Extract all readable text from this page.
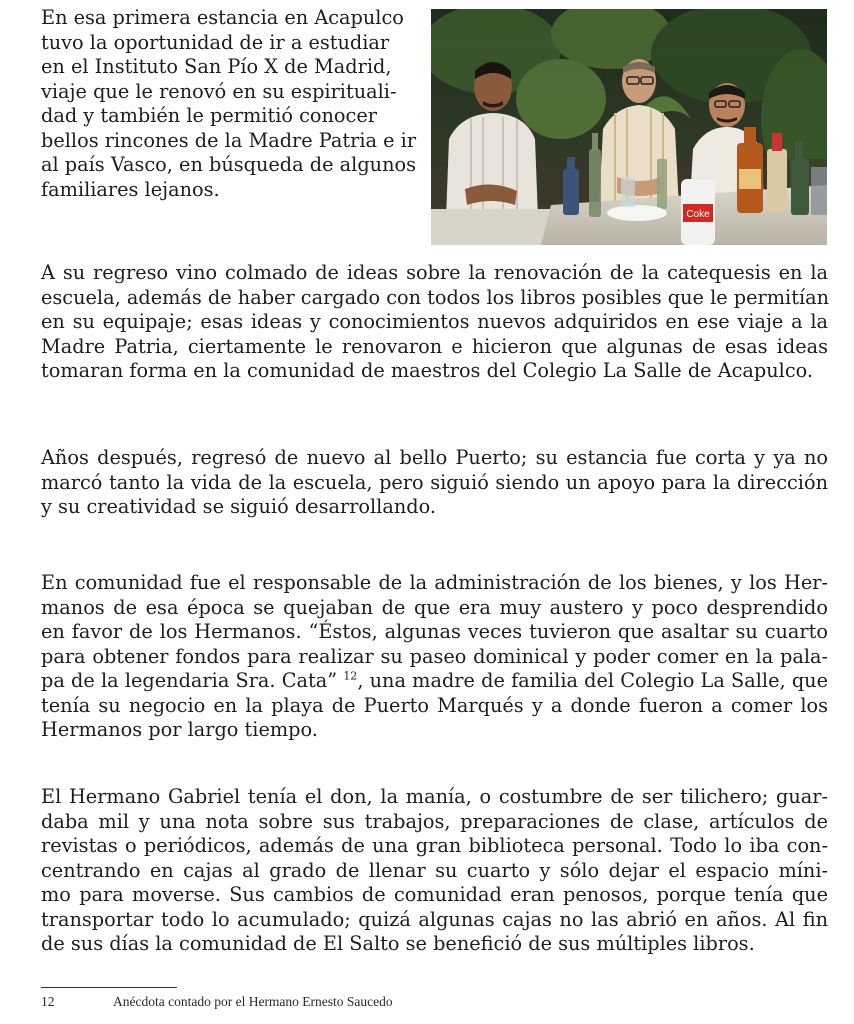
En esa primera estancia en Acapulco
tuvo la oportunidad de ir a estudiar
en el Instituto San Pío X de Madrid,
viaje que le renovó en su espirituali-
dad y también le permitió conocer
bellos rincones de la Madre Patria e ir
al país Vasco, en búsqueda de algunos
familiares lejanos.
Coke
A su regreso vino colmado de ideas sobre la renovación de la catequesis en la
escuela, además de haber cargado con todos los libros posibles que le permitían
en su equipaje; esas ideas y conocimientos nuevos adquiridos en ese viaje a la
Madre Patria, ciertamente le renovaron e hicieron que algunas de esas ideas
tomaran forma en la comunidad de maestros del Colegio La Salle de Acapulco.
Años después, regresó de nuevo al bello Puerto; su estancia fue corta y ya no
marcó tanto la vida de la escuela, pero siguió siendo un apoyo para la dirección
y su creatividad se siguió desarrollando.
En comunidad fue el responsable de la administración de los bienes, y los Her-
manos de esa época se quejaban de que era muy austero y poco desprendido
en favor de los Hermanos. “Éstos, algunas veces tuvieron que asaltar su cuarto
para obtener fondos para realizar su paseo dominical y poder comer en la pala-
pa de la legendaria Sra. Cata” $^{12}$, una madre de familia del Colegio La Salle, que
tenía su negocio en la playa de Puerto Marqués y a donde fueron a comer los
Hermanos por largo tiempo.
El Hermano Gabriel tenía el don, la manía, o costumbre de ser tilichero; guar-
daba mil y una nota sobre sus trabajos, preparaciones de clase, artículos de
revistas o periódicos, además de una gran biblioteca personal. Todo lo iba con-
centrando en cajas al grado de llenar su cuarto y sólo dejar el espacio míni-
mo para moverse. Sus cambios de comunidad eran penosos, porque tenía que
transportar todo lo acumulado; quizá algunas cajas no las abrió en años. Al fin
de sus días la comunidad de El Salto se benefició de sus múltiples libros.
12	Anécdota contado por el Hermano Ernesto Saucedo
